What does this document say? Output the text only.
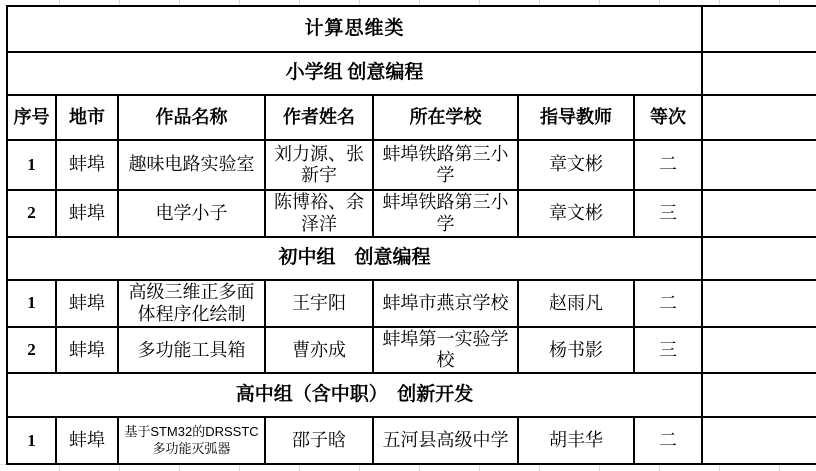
计算思维类							
小学组 创意编程							
序号	地市	作品名称	作者姓名	所在学校	指导教师	等次	
1	蚌埠	趣味电路实验室	刘力源、张新宇	蚌埠铁路第三小学	章文彬	二	
2	蚌埠	电学小子	陈博裕、余泽洋	蚌埠铁路第三小学	章文彬	三	
初中组　创意编程							
1	蚌埠	高级三维正多面体程序化绘制	王宇阳	蚌埠市燕京学校	赵雨凡	二	
2	蚌埠	多功能工具箱	曹亦成	蚌埠第一实验学校	杨书影	三	
高中组（含中职）　创新开发							
1	蚌埠	基于STM32的DRSSTC多功能灭弧器	邵子晗	五河县高级中学	胡丰华	二	
